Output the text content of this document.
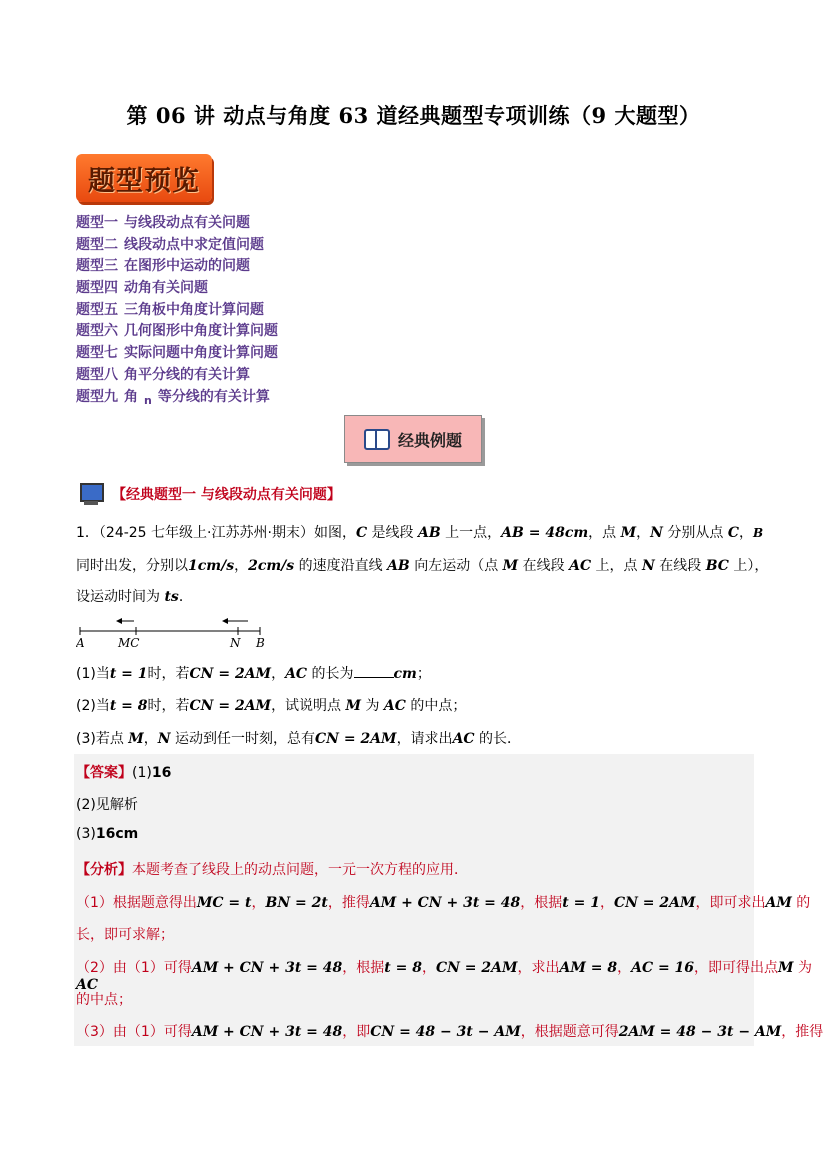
第 06 讲 动点与角度 63 道经典题型专项训练（9 大题型）
题型预览
题型一 与线段动点有关问题
题型二 线段动点中求定值问题
题型三 在图形中运动的问题
题型四 动角有关问题
题型五 三角板中角度计算问题
题型六 几何图形中角度计算问题
题型七 实际问题中角度计算问题
题型八 角平分线的有关计算
题型九 角 $_n$ 等分线的有关计算
经典例题
【经典题型一 与线段动点有关问题】
1．（24-25 七年级上·江苏苏州·期末）如图，C 是线段 AB 上一点，AB = 48cm，点 M，N 分别从点 C，B
同时出发，分别以1cm/s，2cm/s 的速度沿直线 AB 向左运动（点 M 在线段 AC 上，点 N 在线段 BC 上），
设运动时间为 ts．
A	MC	N B
(1)当t = 1时，若CN = 2AM，AC 的长为	cm；
(2)当t = 8时，若CN = 2AM，试说明点 M 为 AC 的中点；
(3)若点 M，N 运动到任一时刻，总有CN = 2AM，请求出AC 的长．
【答案】(1)16
(2)见解析
(3)16cm
【分析】本题考查了线段上的动点问题，一元一次方程的应用．
（1）根据题意得出MC = t，BN = 2t，推得AM + CN + 3t = 48，根据t = 1，CN = 2AM，即可求出AM 的
长，即可求解；
（2）由（1）可得AM + CN + 3t = 48，根据t = 8，CN = 2AM，求出AM = 8，AC = 16，即可得出点M 为 AC
的中点；
（3）由（1）可得AM + CN + 3t = 48，即CN = 48 − 3t − AM，根据题意可得2AM = 48 − 3t − AM，推得
